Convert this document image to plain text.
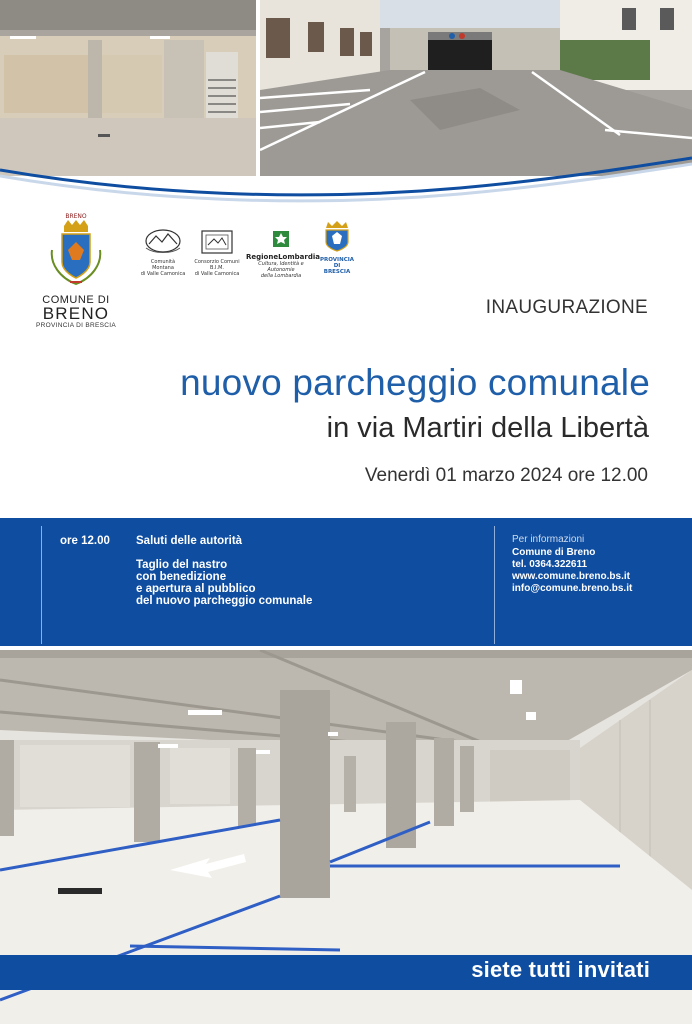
BRENO
COMUNE DI
BRENO
PROVINCIA DI BRESCIA
Comunità Montana
di Valle Camonica
Consorzio Comuni B.I.M.
di Valle Camonica
RegioneLombardia
Cultura, Identità e Autonomie
della Lombardia
PROVINCIA
DI BRESCIA
INAUGURAZIONE
nuovo parcheggio comunale
in via Martiri della Libertà
Venerdì 01 marzo 2024 ore 12.00
ore 12.00 Saluti delle autorità
Taglio del nastro
con benedizione
e apertura al pubblico
del nuovo parcheggio comunale
Per informazioni
Comune di Breno
tel. 0364.322611
www.comune.breno.bs.it
info@comune.breno.bs.it
siete tutti invitati
